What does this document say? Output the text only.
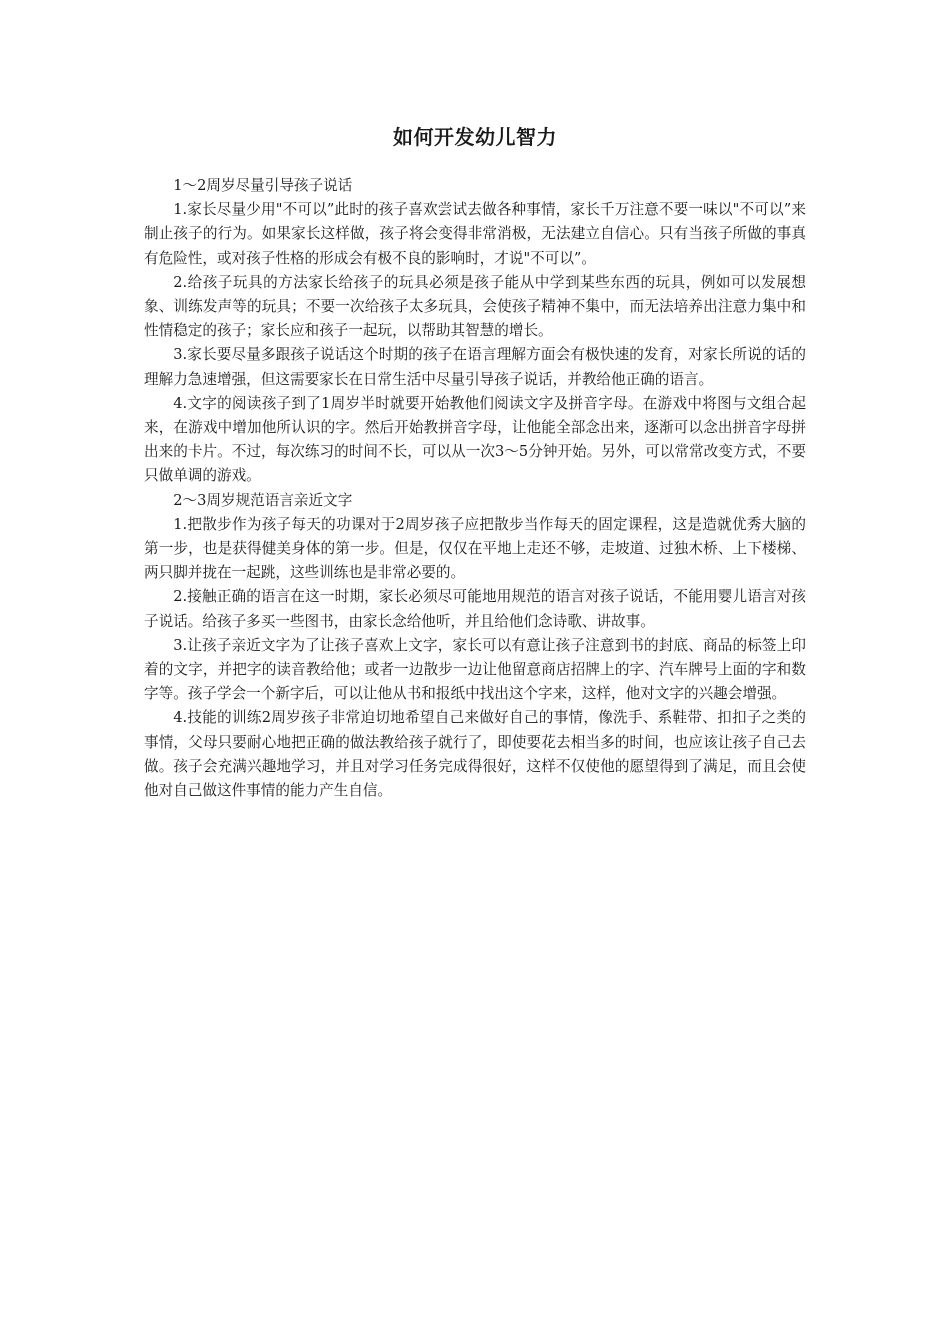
如何开发幼儿智力

1～2周岁尽量引导孩子说话

1.家长尽量少用"不可以”此时的孩子喜欢尝试去做各种事情，家长千万注意不要一味以"不可以”来制止孩子的行为。如果家长这样做，孩子将会变得非常消极，无法建立自信心。只有当孩子所做的事真有危险性，或对孩子性格的形成会有极不良的影响时，才说"不可以”。

2.给孩子玩具的方法家长给孩子的玩具必须是孩子能从中学到某些东西的玩具，例如可以发展想象、训练发声等的玩具；不要一次给孩子太多玩具，会使孩子精神不集中，而无法培养出注意力集中和性情稳定的孩子；家长应和孩子一起玩，以帮助其智慧的增长。

3.家长要尽量多跟孩子说话这个时期的孩子在语言理解方面会有极快速的发育，对家长所说的话的理解力急速增强，但这需要家长在日常生活中尽量引导孩子说话，并教给他正确的语言。

4.文字的阅读孩子到了1周岁半时就要开始教他们阅读文字及拼音字母。在游戏中将图与文组合起来，在游戏中增加他所认识的字。然后开始教拼音字母，让他能全部念出来，逐渐可以念出拼音字母拼出来的卡片。不过，每次练习的时间不长，可以从一次3～5分钟开始。另外，可以常常改变方式，不要只做单调的游戏。

2～3周岁规范语言亲近文字

1.把散步作为孩子每天的功课对于2周岁孩子应把散步当作每天的固定课程，这是造就优秀大脑的第一步，也是获得健美身体的第一步。但是，仅仅在平地上走还不够，走坡道、过独木桥、上下楼梯、两只脚并拢在一起跳，这些训练也是非常必要的。

2.接触正确的语言在这一时期，家长必须尽可能地用规范的语言对孩子说话，不能用婴儿语言对孩子说话。给孩子多买一些图书，由家长念给他听，并且给他们念诗歌、讲故事。

3.让孩子亲近文字为了让孩子喜欢上文字，家长可以有意让孩子注意到书的封底、商品的标签上印着的文字，并把字的读音教给他；或者一边散步一边让他留意商店招牌上的字、汽车牌号上面的字和数字等。孩子学会一个新字后，可以让他从书和报纸中找出这个字来，这样，他对文字的兴趣会增强。

4.技能的训练2周岁孩子非常迫切地希望自己来做好自己的事情，像洗手、系鞋带、扣扣子之类的事情，父母只要耐心地把正确的做法教给孩子就行了，即使要花去相当多的时间，也应该让孩子自己去做。孩子会充满兴趣地学习，并且对学习任务完成得很好，这样不仅使他的愿望得到了满足，而且会使他对自己做这件事情的能力产生自信。
